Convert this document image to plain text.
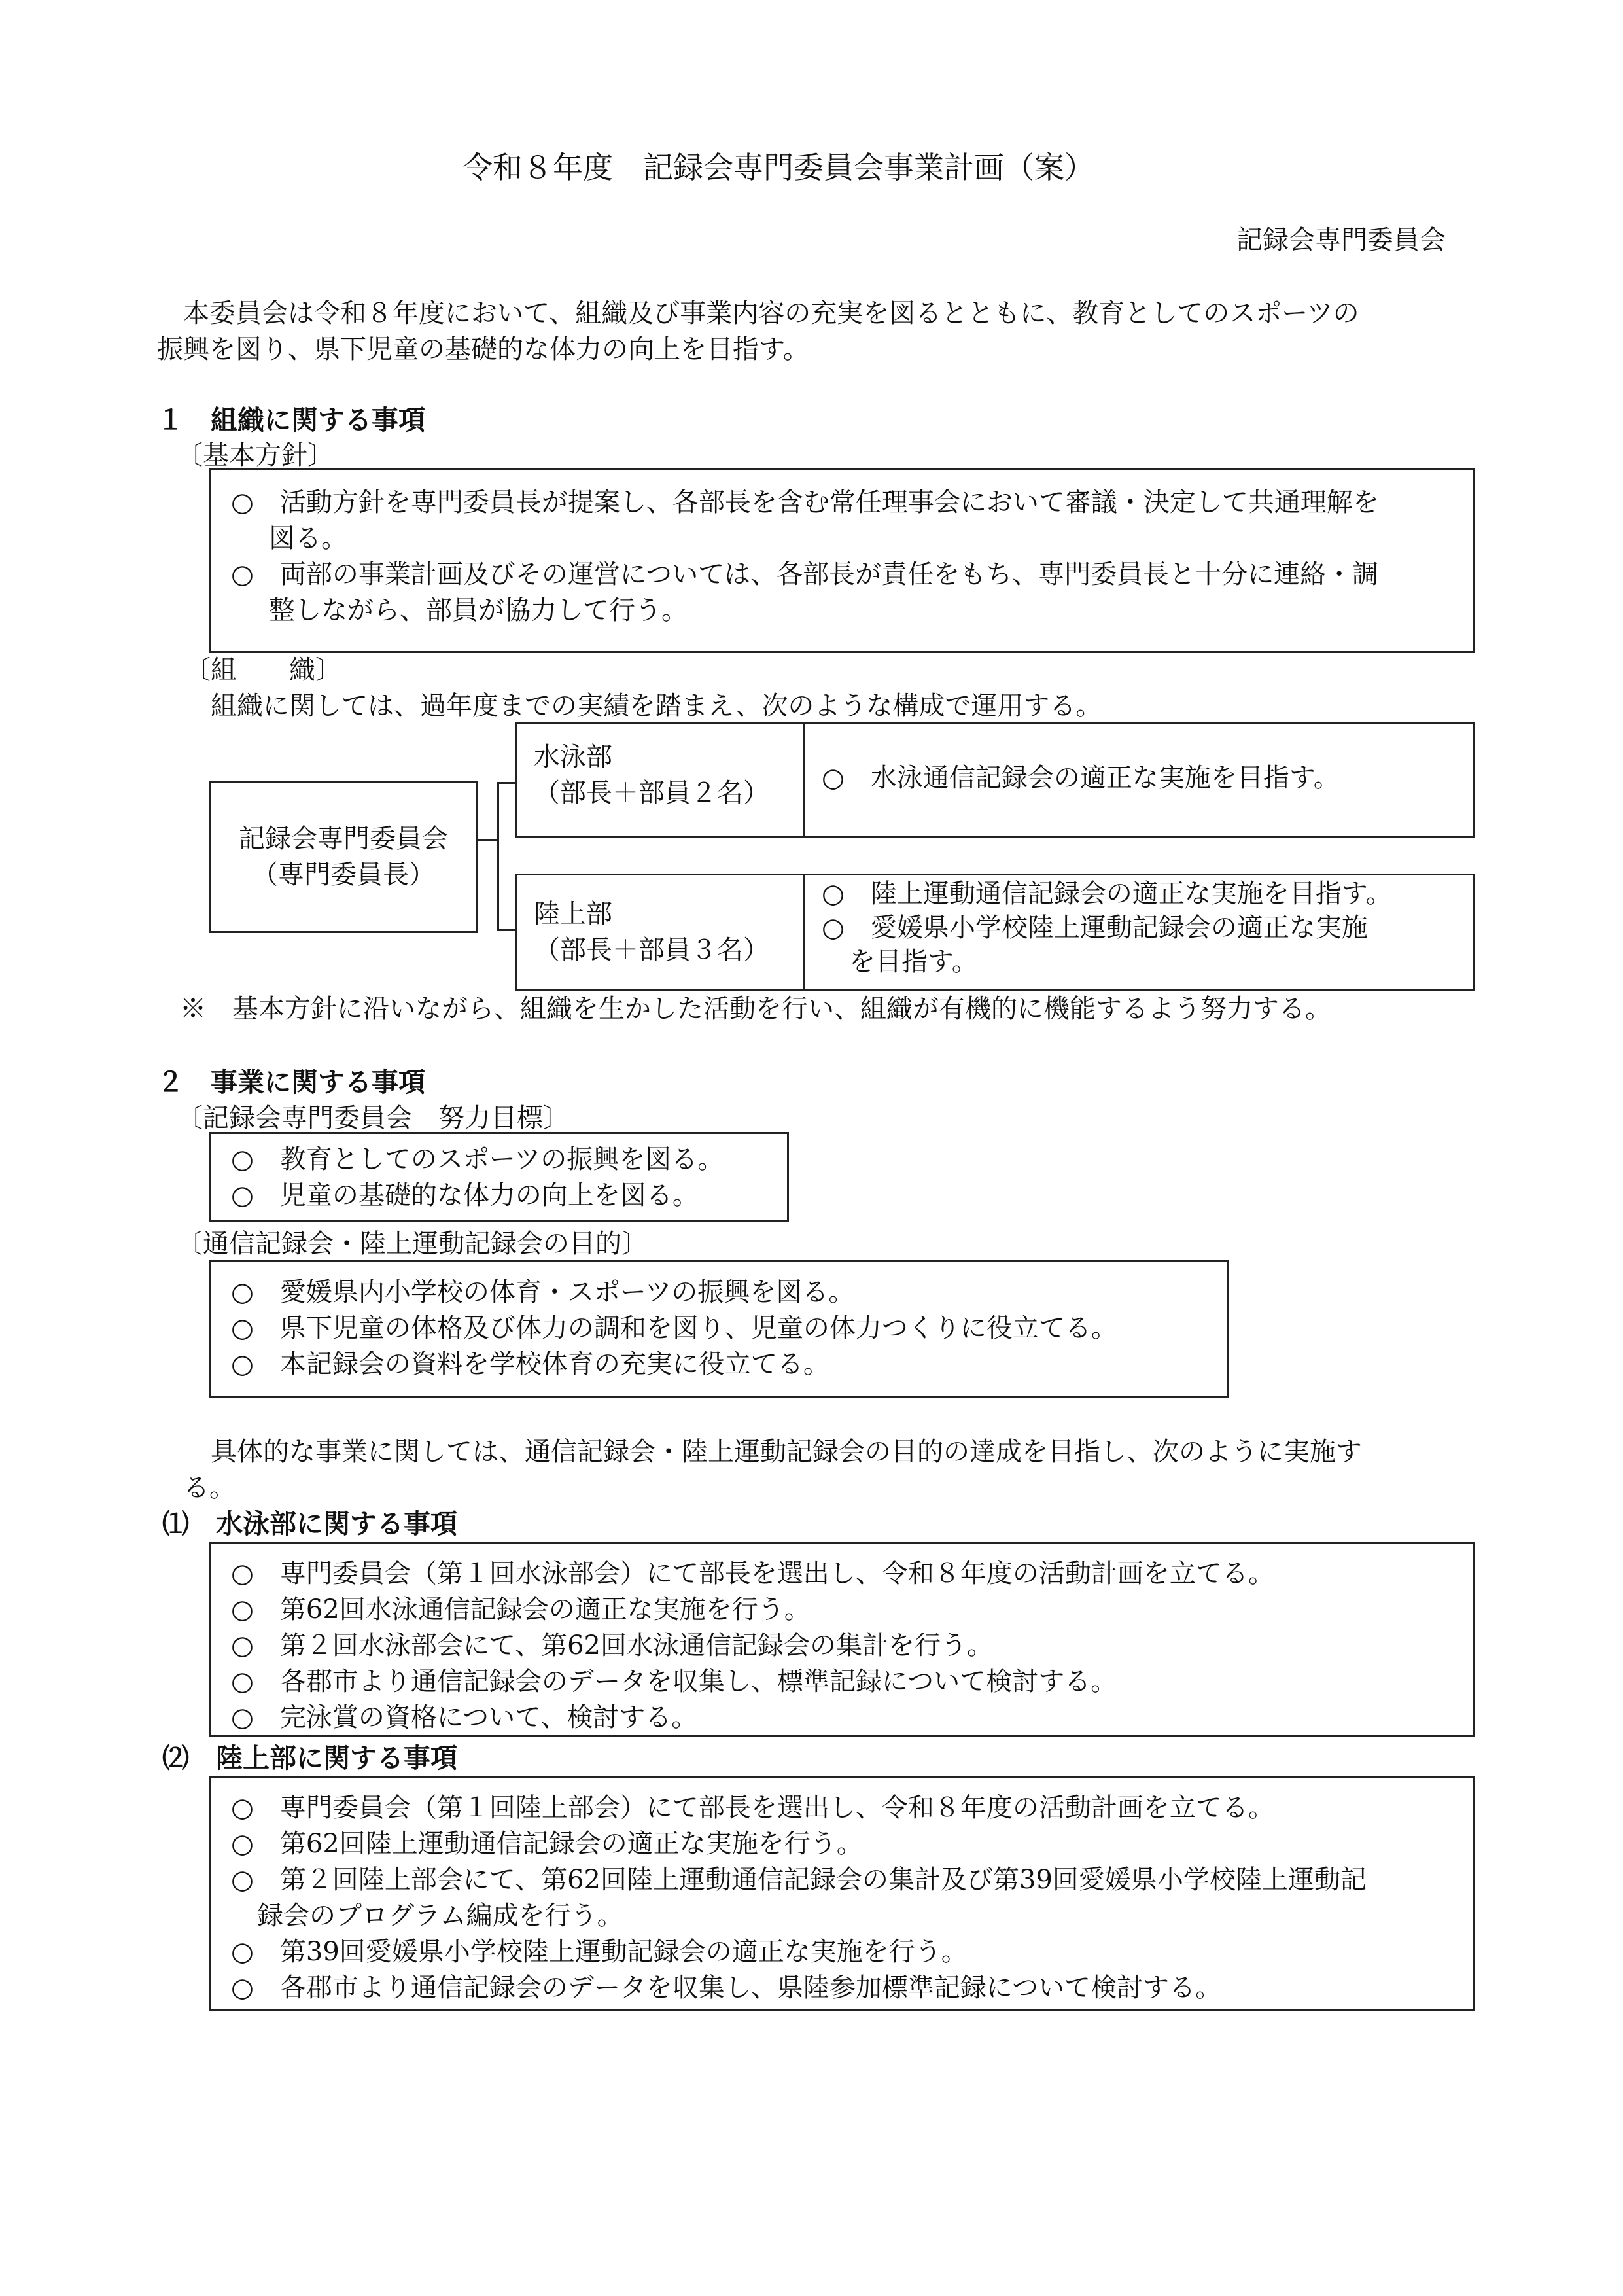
令和８年度　記録会専門委員会事業計画（案）
記録会専門委員会
本委員会は令和８年度において、組織及び事業内容の充実を図るとともに、教育としてのスポーツの
振興を図り、県下児童の基礎的な体力の向上を目指す。
１　組織に関する事項
〔基本方針〕
○　活動方針を専門委員長が提案し、各部長を含む常任理事会において審議・決定して共通理解を
図る。
○　両部の事業計画及びその運営については、各部長が責任をもち、専門委員長と十分に連絡・調
整しながら、部員が協力して行う。
〔組　　織〕
組織に関しては、過年度までの実績を踏まえ、次のような構成で運用する。
記録会専門委員会
（専門委員長）
水泳部
（部長＋部員２名）	○　水泳通信記録会の適正な実施を目指す。
陸上部
（部長＋部員３名）
○　陸上運動通信記録会の適正な実施を目指す。
○　愛媛県小学校陸上運動記録会の適正な実施
を目指す。
※　基本方針に沿いながら、組織を生かした活動を行い、組織が有機的に機能するよう努力する。
２　事業に関する事項
〔記録会専門委員会　努力目標〕
○　教育としてのスポーツの振興を図る。
○　児童の基礎的な体力の向上を図る。
〔通信記録会・陸上運動記録会の目的〕
○　愛媛県内小学校の体育・スポーツの振興を図る。
○　県下児童の体格及び体力の調和を図り、児童の体力つくりに役立てる。
○　本記録会の資料を学校体育の充実に役立てる。
具体的な事業に関しては、通信記録会・陸上運動記録会の目的の達成を目指し、次のように実施す
る。
⑴　水泳部に関する事項
○　専門委員会（第１回水泳部会）にて部長を選出し、令和８年度の活動計画を立てる。
○　第62回水泳通信記録会の適正な実施を行う。
○　第２回水泳部会にて、第62回水泳通信記録会の集計を行う。
○　各郡市より通信記録会のデータを収集し、標準記録について検討する。
○　完泳賞の資格について、検討する。
⑵　陸上部に関する事項
○　専門委員会（第１回陸上部会）にて部長を選出し、令和８年度の活動計画を立てる。
○　第62回陸上運動通信記録会の適正な実施を行う。
○　第２回陸上部会にて、第62回陸上運動通信記録会の集計及び第39回愛媛県小学校陸上運動記
録会のプログラム編成を行う。
○　第39回愛媛県小学校陸上運動記録会の適正な実施を行う。
○　各郡市より通信記録会のデータを収集し、県陸参加標準記録について検討する。
